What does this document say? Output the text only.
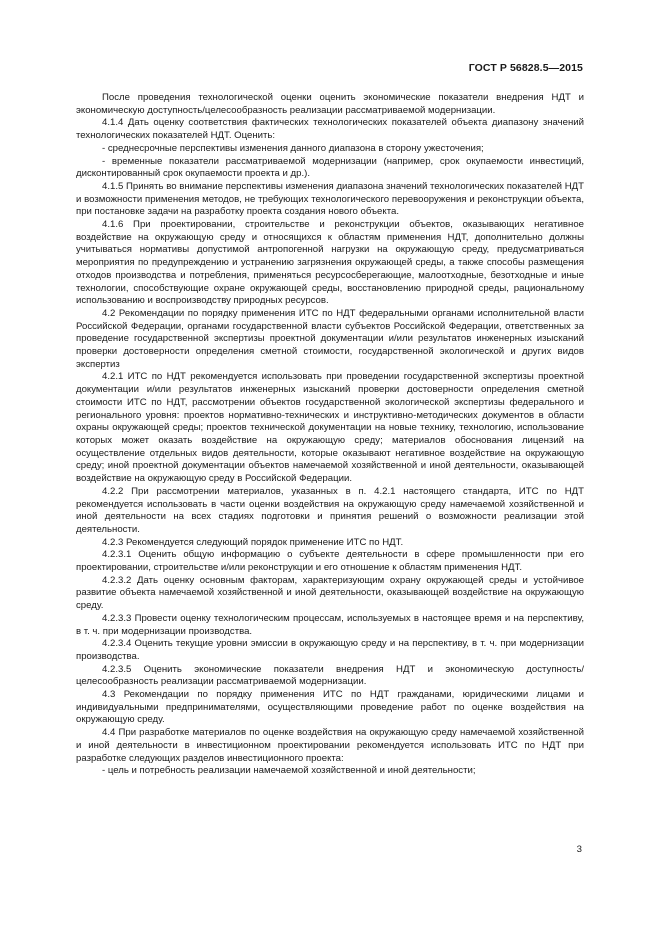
ГОСТ Р 56828.5—2015

После проведения технологической оценки оценить экономические показатели внедрения НДТ и экономическую доступность/целесообразность реализации рассматриваемой модернизации.

4.1.4 Дать оценку соответствия фактических технологических показателей объекта диапазону значений технологических показателей НДТ. Оценить:

- среднесрочные перспективы изменения данного диапазона в сторону ужесточения;

- временные показатели рассматриваемой модернизации (например, срок окупаемости инвестиций, дисконтированный срок окупаемости проекта и др.).

4.1.5 Принять во внимание перспективы изменения диапазона значений технологических показателей НДТ и возможности применения методов, не требующих технологического перевооружения и реконструкции объекта, при постановке задачи на разработку проекта создания нового объекта.

4.1.6 При проектировании, строительстве и реконструкции объектов, оказывающих негативное воздействие на окружающую среду и относящихся к областям применения НДТ, дополнительно должны учитываться нормативы допустимой антропогенной нагрузки на окружающую среду, предусматриваться мероприятия по предупреждению и устранению загрязнения окружающей среды, а также способы размещения отходов производства и потребления, применяться ресурсосберегающие, малоотходные, безотходные и иные технологии, способствующие охране окружающей среды, восстановлению природной среды, рациональному использованию и воспроизводству природных ресурсов.

4.2 Рекомендации по порядку применения ИТС по НДТ федеральными органами исполнительной власти Российской Федерации, органами государственной власти субъектов Российской Федерации, ответственных за проведение государственной экспертизы проектной документации и/или результатов инженерных изысканий проверки достоверности определения сметной стоимости, государственной экологической и других видов экспертиз

4.2.1 ИТС по НДТ рекомендуется использовать при проведении государственной экспертизы проектной документации и/или результатов инженерных изысканий проверки достоверности определения сметной стоимости ИТС по НДТ, рассмотрении объектов государственной экологической экспертизы федерального и регионального уровня: проектов нормативно-технических и инструктивно-методических документов в области охраны окружающей среды; проектов технической документации на новые технику, технологию, использование которых может оказать воздействие на окружающую среду; материалов обоснования лицензий на осуществление отдельных видов деятельности, которые оказывают негативное воздействие на окружающую среду; иной проектной документации объектов намечаемой хозяйственной и иной деятельности, оказывающей воздействие на окружающую среду в Российской Федерации.

4.2.2 При рассмотрении материалов, указанных в п. 4.2.1 настоящего стандарта, ИТС по НДТ рекомендуется использовать в части оценки воздействия на окружающую среду намечаемой хозяйственной и иной деятельности на всех стадиях подготовки и принятия решений о возможности реализации этой деятельности.

4.2.3 Рекомендуется следующий порядок применение ИТС по НДТ.

4.2.3.1 Оценить общую информацию о субъекте деятельности в сфере промышленности при его проектировании, строительстве и/или реконструкции и его отношение к областям применения НДТ.

4.2.3.2 Дать оценку основным факторам, характеризующим охрану окружающей среды и устойчивое развитие объекта намечаемой хозяйственной и иной деятельности, оказывающей воздействие на окружающую среду.

4.2.3.3 Провести оценку технологическим процессам, используемых в настоящее время и на перспективу, в т. ч. при модернизации производства.

4.2.3.4 Оценить текущие уровни эмиссии в окружающую среду и на перспективу, в т. ч. при модернизации производства.

4.2.3.5 Оценить экономические показатели внедрения НДТ и экономическую доступность/целесообразность реализации рассматриваемой модернизации.

4.3 Рекомендации по порядку применения ИТС по НДТ гражданами, юридическими лицами и индивидуальными предпринимателями, осуществляющими проведение работ по оценке воздействия на окружающую среду.

4.4 При разработке материалов по оценке воздействия на окружающую среду намечаемой хозяйственной и иной деятельности в инвестиционном проектировании рекомендуется использовать ИТС по НДТ при разработке следующих разделов инвестиционного проекта:

- цель и потребность реализации намечаемой хозяйственной и иной деятельности;

3
